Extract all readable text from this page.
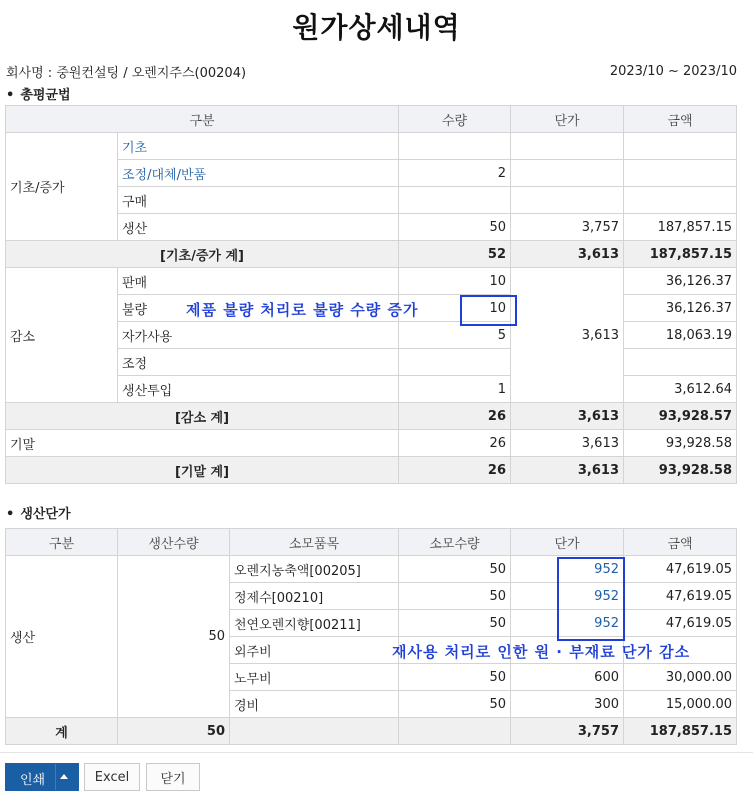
원가상세내역
회사명 : 중원컨설팅 / 오렌지주스(00204)	2023/10 ~ 2023/10
• 총평균법
구분		수량	단가	금액
기초/증가	기초			
	조정/대체/반품	2		
	구매			
	생산	50	3,757	187,857.15
[기초/증가 계]		52	3,613	187,857.15
감소	판매	10	3,613	36,126.37
	불량	10		36,126.37
	자가사용	5		18,063.19
	조정			
	생산투입	1		3,612.64
[감소 계]		26	3,613	93,928.57
기말		26	3,613	93,928.58
[기말 계]		26	3,613	93,928.58
제품 불량 처리로 불량 수량 증가
• 생산단가
구분	생산수량	소모품목	소모수량	단가	금액
생산	50	오렌지농축액[00205]	50	952	47,619.05
		정제수[00210]	50	952	47,619.05
		천연오렌지향[00211]	50	952	47,619.05
		외주비			
		노무비	50	600	30,000.00
		경비	50	300	15,000.00
계	50			3,757	187,857.15
재사용 처리로 인한 원 · 부재료 단가 감소
인쇄	Excel	닫기
